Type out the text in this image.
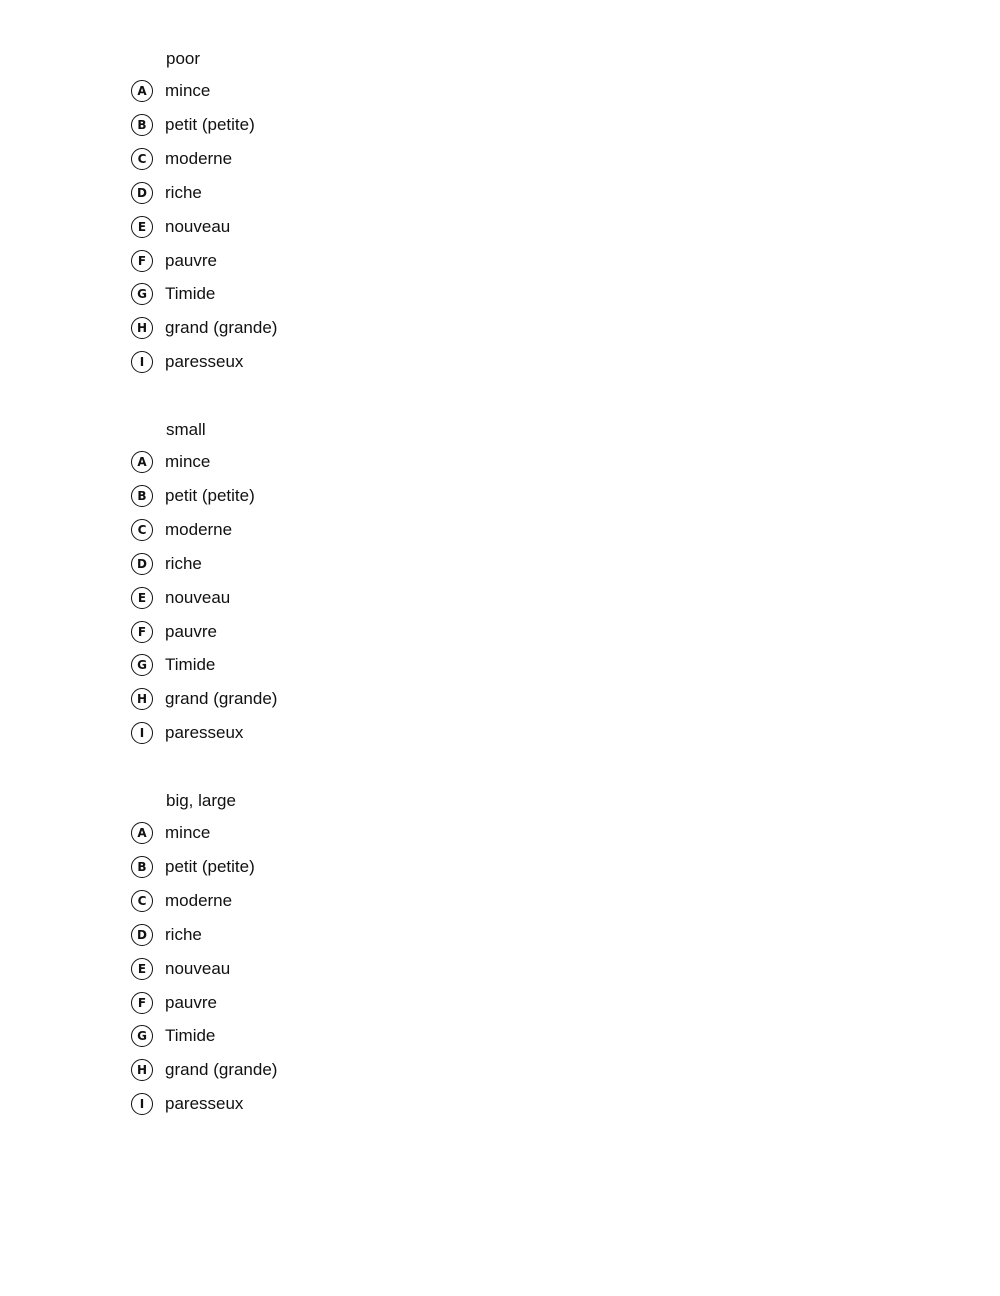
poor
A	mince
B	petit (petite)
C	moderne
D	riche
E	nouveau
F	pauvre
G	Timide
H	grand (grande)
I	paresseux
small
A	mince
B	petit (petite)
C	moderne
D	riche
E	nouveau
F	pauvre
G	Timide
H	grand (grande)
I	paresseux
big, large
A	mince
B	petit (petite)
C	moderne
D	riche
E	nouveau
F	pauvre
G	Timide
H	grand (grande)
I	paresseux
